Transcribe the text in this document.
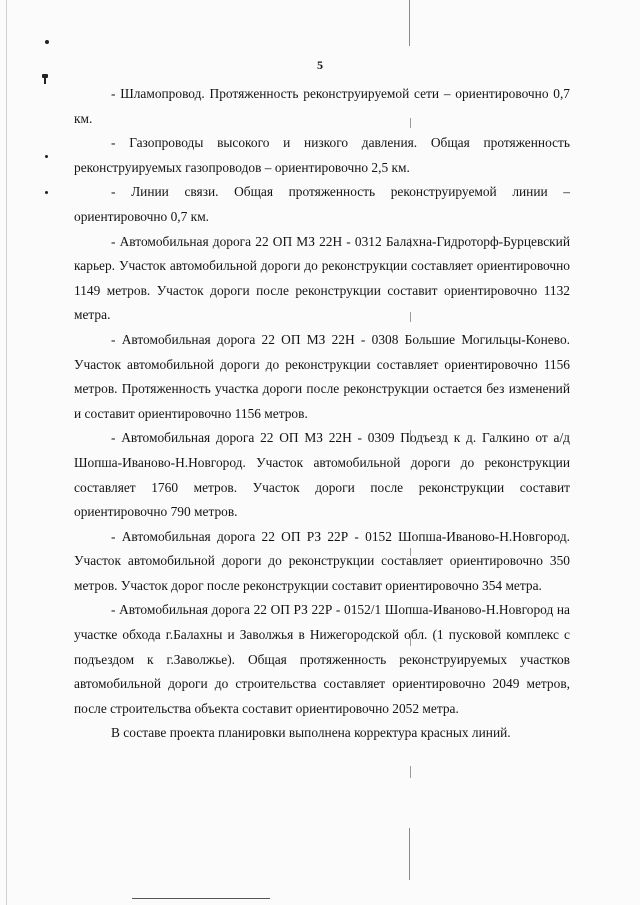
5

- Шламопровод. Протяженность реконструируемой сети – ориентировочно 0,7 км.

- Газопроводы высокого и низкого давления. Общая протяженность реконструируемых газопроводов – ориентировочно 2,5 км.

- Линии связи. Общая протяженность реконструируемой линии – ориентировочно 0,7 км.

- Автомобильная дорога 22 ОП МЗ 22Н - 0312 Балахна-Гидроторф-Бурцевский карьер. Участок автомобильной дороги до реконструкции составляет ориентировочно 1149 метров. Участок дороги после реконструкции составит ориентировочно 1132 метра.

- Автомобильная дорога 22 ОП МЗ 22Н - 0308 Большие Могильцы-Конево. Участок автомобильной дороги до реконструкции составляет ориентировочно 1156 метров. Протяженность участка дороги после реконструкции остается без изменений и составит ориентировочно 1156 метров.

- Автомобильная дорога 22 ОП МЗ 22Н - 0309 Подъезд к д. Галкино от а/д Шопша-Иваново-Н.Новгород. Участок автомобильной дороги до реконструкции составляет 1760 метров. Участок дороги после реконструкции составит ориентировочно 790 метров.

- Автомобильная дорога 22 ОП РЗ 22Р - 0152 Шопша-Иваново-Н.Новгород. Участок автомобильной дороги до реконструкции составляет ориентировочно 350 метров. Участок дорог после реконструкции составит ориентировочно 354 метра.

- Автомобильная дорога 22 ОП РЗ 22Р - 0152/1 Шопша-Иваново-Н.Новгород на участке обхода г.Балахны и Заволжья в Нижегородской обл. (1 пусковой комплекс с подъездом к г.Заволжье). Общая протяженность реконструируемых участков автомобильной дороги до строительства составляет ориентировочно 2049 метров, после строительства объекта составит ориентировочно 2052 метра.

В составе проекта планировки выполнена корректура красных линий.
